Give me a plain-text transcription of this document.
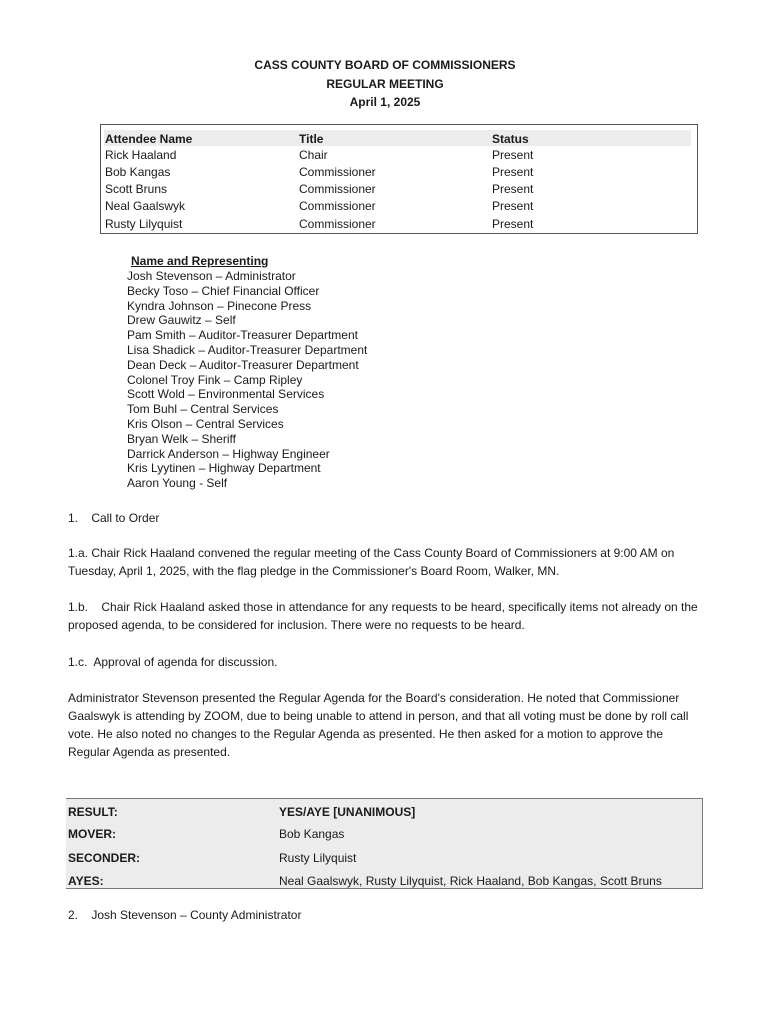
CASS COUNTY BOARD OF COMMISSIONERS
REGULAR MEETING
April 1, 2025
Attendee Name	Title	Status
Rick Haaland	Chair	Present
Bob Kangas	Commissioner	Present
Scott Bruns	Commissioner	Present
Neal Gaalswyk	Commissioner	Present
Rusty Lilyquist	Commissioner	Present
Name and Representing
Josh Stevenson – Administrator
Becky Toso – Chief Financial Officer
Kyndra Johnson – Pinecone Press
Drew Gauwitz – Self
Pam Smith – Auditor-Treasurer Department
Lisa Shadick – Auditor-Treasurer Department
Dean Deck – Auditor-Treasurer Department
Colonel Troy Fink – Camp Ripley
Scott Wold – Environmental Services
Tom Buhl – Central Services
Kris Olson – Central Services
Bryan Welk – Sheriff
Darrick Anderson – Highway Engineer
Kris Lyytinen – Highway Department
Aaron Young - Self
1.    Call to Order
1.a. Chair Rick Haaland convened the regular meeting of the Cass County Board of Commissioners at 9:00 AM on Tuesday, April 1, 2025, with the flag pledge in the Commissioner's Board Room, Walker, MN.
1.b.    Chair Rick Haaland asked those in attendance for any requests to be heard, specifically items not already on the proposed agenda, to be considered for inclusion. There were no requests to be heard.
1.c.  Approval of agenda for discussion.
Administrator Stevenson presented the Regular Agenda for the Board's consideration. He noted that Commissioner Gaalswyk is attending by ZOOM, due to being unable to attend in person, and that all voting must be done by roll call vote. He also noted no changes to the Regular Agenda as presented. He then asked for a motion to approve the Regular Agenda as presented.
RESULT:	YES/AYE [UNANIMOUS]
MOVER:	Bob Kangas
SECONDER:	Rusty Lilyquist
AYES:	Neal Gaalswyk, Rusty Lilyquist, Rick Haaland, Bob Kangas, Scott Bruns
2.    Josh Stevenson – County Administrator
